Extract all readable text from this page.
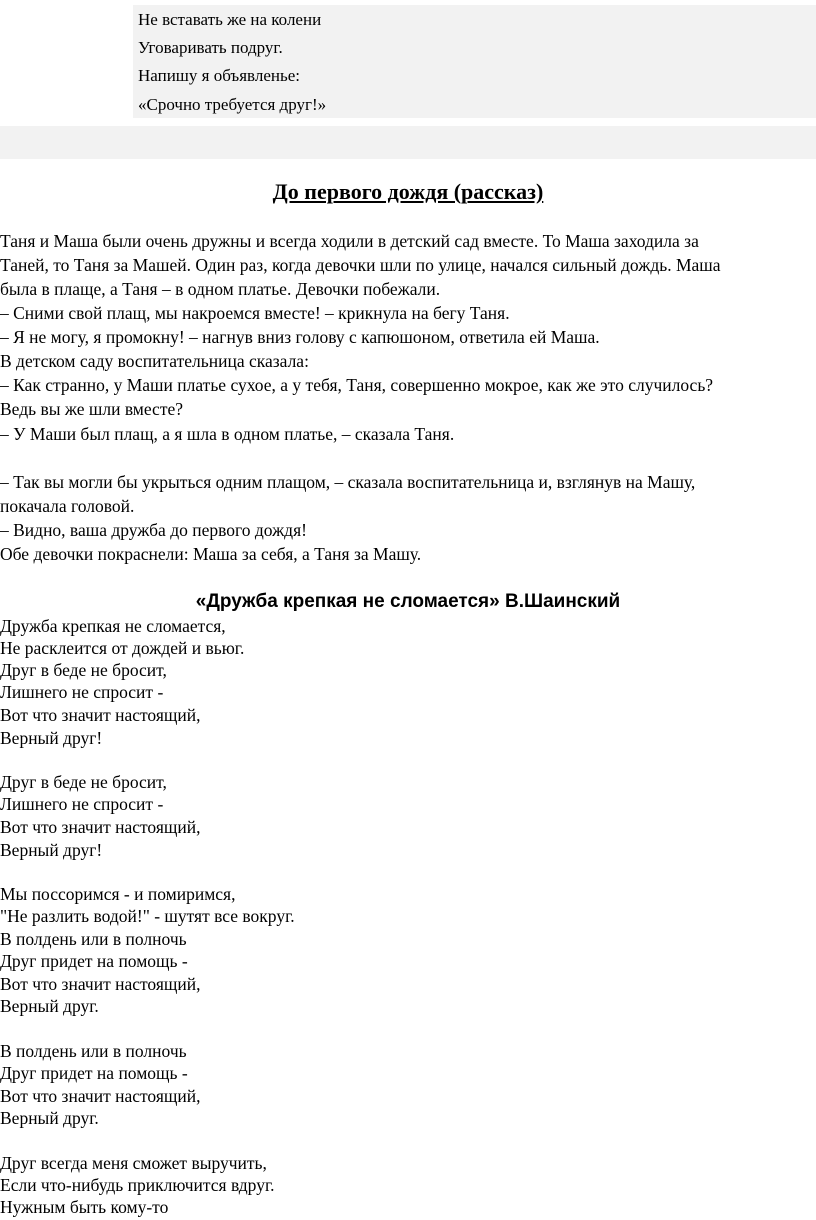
Не вставать же на колени
Уговаривать подруг.
Напишу я объявленье:
«Срочно требуется друг!»
До первого дождя (рассказ)
Таня и Маша были очень дружны и всегда ходили в детский сад вместе. То Маша заходила за
Таней, то Таня за Машей. Один раз, когда девочки шли по улице, начался сильный дождь. Маша
была в плаще, а Таня – в одном платье. Девочки побежали.
– Сними свой плащ, мы накроемся вместе! – крикнула на бегу Таня.
– Я не могу, я промокну! – нагнув вниз голову с капюшоном, ответила ей Маша.
В детском саду воспитательница сказала:
– Как странно, у Маши платье сухое, а у тебя, Таня, совершенно мокрое, как же это случилось?
Ведь вы же шли вместе?
– У Маши был плащ, а я шла в одном платье, – сказала Таня.
– Так вы могли бы укрыться одним плащом, – сказала воспитательница и, взглянув на Машу,
покачала головой.
– Видно, ваша дружба до первого дождя!
Обе девочки покраснели: Маша за себя, а Таня за Машу.
«Дружба крепкая не сломается» В.Шаинский
Дружба крепкая не сломается,
Не расклеится от дождей и вьюг.
Друг в беде не бросит,
Лишнего не спросит -
Вот что значит настоящий,
Верный друг!
Друг в беде не бросит,
Лишнего не спросит -
Вот что значит настоящий,
Верный друг!
Мы поссоримся - и помиримся,
"Не разлить водой!" - шутят все вокруг.
В полдень или в полночь
Друг придет на помощь -
Вот что значит настоящий,
Верный друг.
В полдень или в полночь
Друг придет на помощь -
Вот что значит настоящий,
Верный друг.
Друг всегда меня сможет выручить,
Если что-нибудь приключится вдруг.
Нужным быть кому-то
